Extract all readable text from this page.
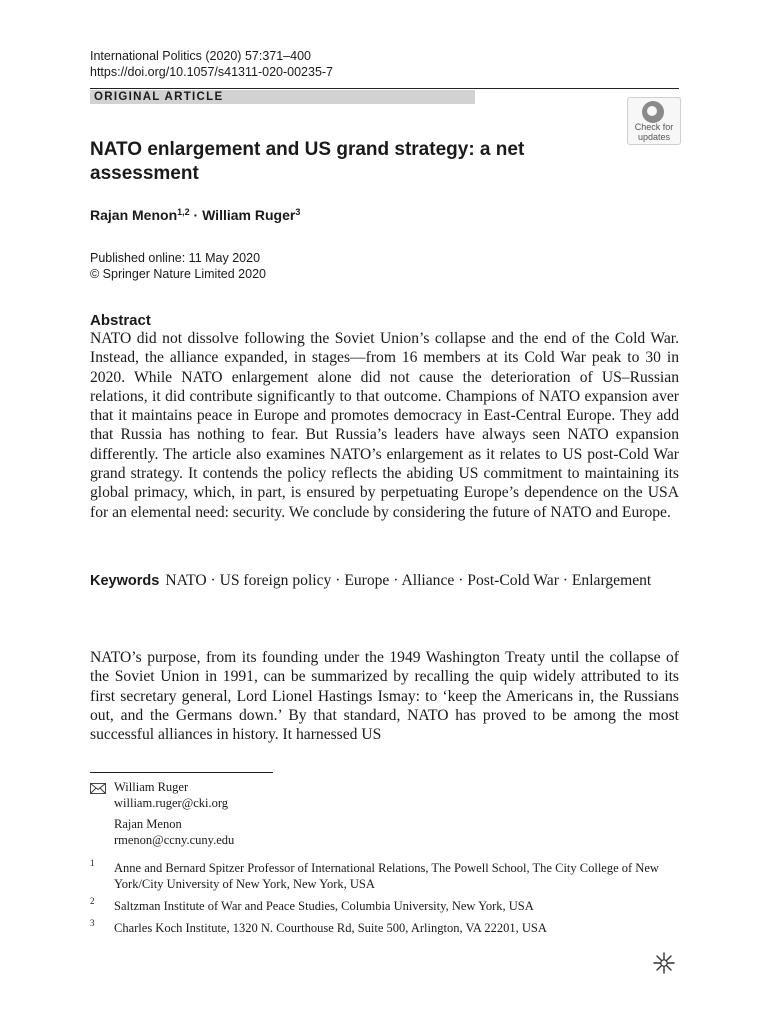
International Politics (2020) 57:371–400
https://doi.org/10.1057/s41311-020-00235-7
ORIGINAL ARTICLE
Check for
updates
NATO enlargement and US grand strategy: a net assessment
Rajan Menon$^{1,2}$ · William Ruger$^3$
Published online: 11 May 2020
© Springer Nature Limited 2020
Abstract
NATO did not dissolve following the Soviet Union’s collapse and the end of the Cold War. Instead, the alliance expanded, in stages—from 16 members at its Cold War peak to 30 in 2020. While NATO enlargement alone did not cause the deterioration of US–Russian relations, it did contribute significantly to that outcome. Champions of NATO expansion aver that it maintains peace in Europe and promotes democracy in East-Central Europe. They add that Russia has nothing to fear. But Russia’s leaders have always seen NATO expansion differently. The article also examines NATO’s enlargement as it relates to US post-Cold War grand strategy. It contends the policy reflects the abiding US commitment to maintaining its global primacy, which, in part, is ensured by perpetuating Europe’s dependence on the USA for an elemental need: security. We conclude by considering the future of NATO and Europe.
Keywords NATO · US foreign policy · Europe · Alliance · Post-Cold War · Enlargement
NATO’s purpose, from its founding under the 1949 Washington Treaty until the collapse of the Soviet Union in 1991, can be summarized by recalling the quip widely attributed to its first secretary general, Lord Lionel Hastings Ismay: to ‘keep the Americans in, the Russians out, and the Germans down.’ By that standard, NATO has proved to be among the most successful alliances in history. It harnessed US
William Ruger
william.ruger@cki.org
Rajan Menon
rmenon@ccny.cuny.edu
1 Anne and Bernard Spitzer Professor of International Relations, The Powell School, The City College of New York/City University of New York, New York, USA
2 Saltzman Institute of War and Peace Studies, Columbia University, New York, USA
3 Charles Koch Institute, 1320 N. Courthouse Rd, Suite 500, Arlington, VA 22201, USA
